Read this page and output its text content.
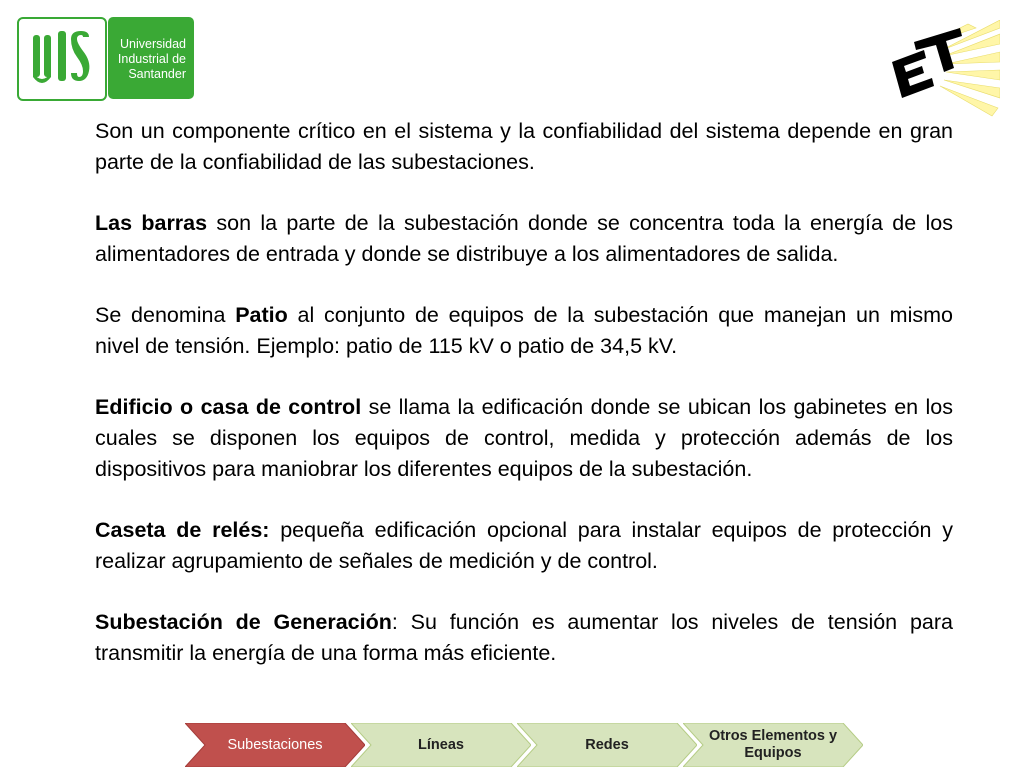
Universidad
Industrial de
Santander

Son un componente crítico en el sistema y la confiabilidad del sistema depende en gran parte de la confiabilidad de las subestaciones.

Las barras son la parte de la subestación donde se concentra toda la energía de los alimentadores de entrada y donde se distribuye a los alimentadores de salida.

Se denomina Patio al conjunto de equipos de la subestación que manejan un mismo nivel de tensión. Ejemplo: patio de 115 kV o patio de 34,5 kV.

Edificio o casa de control se llama la edificación donde se ubican los gabinetes en los cuales se disponen los equipos de control, medida y protección además de los dispositivos para maniobrar los diferentes equipos de la subestación.

Caseta de relés: pequeña edificación opcional para instalar equipos de protección y realizar agrupamiento de señales de medición y de control.

Subestación de Generación: Su función es aumentar los niveles de tensión para transmitir la energía de una forma más eficiente.

Subestaciones	Líneas	Redes
Otros Elementos y Equipos
